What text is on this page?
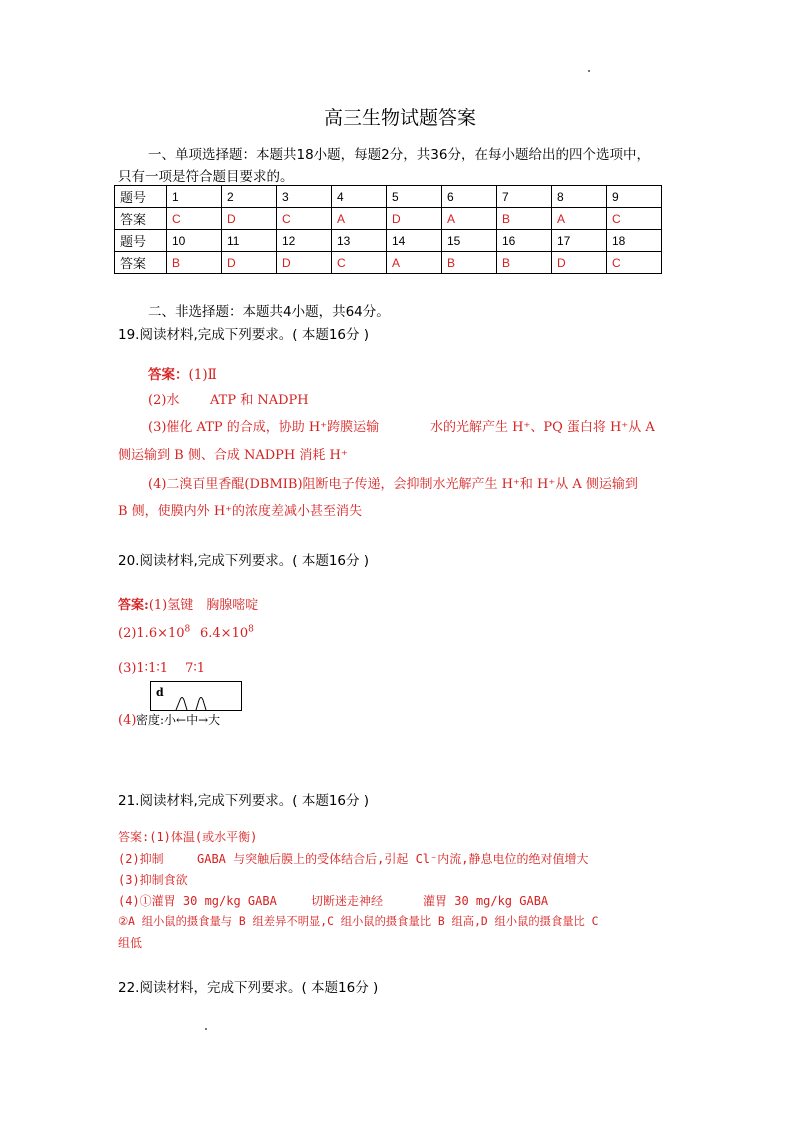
高三生物试题答案
一、单项选择题：本题共18小题，每题2分，共36分，在每小题给出的四个选项中，
只有一项是符合题目要求的。
题号	1	2	3	4	5	6	7	8	9
答案	C	D	C	A	D	A	B	A	C
题号	10	11	12	13	14	15	16	17	18
答案	B	D	D	C	A	B	B	D	C
二、非选择题：本题共4小题，共64分。
19.阅读材料,完成下列要求。( 本题16分 )
答案：(1)Ⅱ
(2)水 ATP 和 NADPH
(3)催化 ATP 的合成，协助 H⁺跨膜运输	水的光解产生 H⁺、PQ 蛋白将 H⁺从 A
侧运输到 B 侧、合成 NADPH 消耗 H⁺
(4)二溴百里香醌(DBMIB)阻断电子传递，会抑制水光解产生 H⁺和 H⁺从 A 侧运输到
B 侧，使膜内外 H⁺的浓度差减小甚至消失
20.阅读材料,完成下列要求。( 本题16分 )
答案:(1)氢键　胸腺嘧啶
$(2)1.6\times 10^8$ $6.4\times 10^8$
(3)1∶1∶1　 7∶1
d
(4) 密度:小←中→大
21.阅读材料,完成下列要求。( 本题16分 )
答案:(1)体温(或水平衡)
(2)抑制	GABA 与突触后膜上的受体结合后,引起 Cl⁻内流,静息电位的绝对值增大
(3)抑制食欲
(4)①灌胃 30 mg/kg GABA	切断迷走神经	灌胃 30 mg/kg GABA
②A 组小鼠的摄食量与 B 组差异不明显,C 组小鼠的摄食量比 B 组高,D 组小鼠的摄食量比 C
组低
22.阅读材料，完成下列要求。( 本题16分 )
